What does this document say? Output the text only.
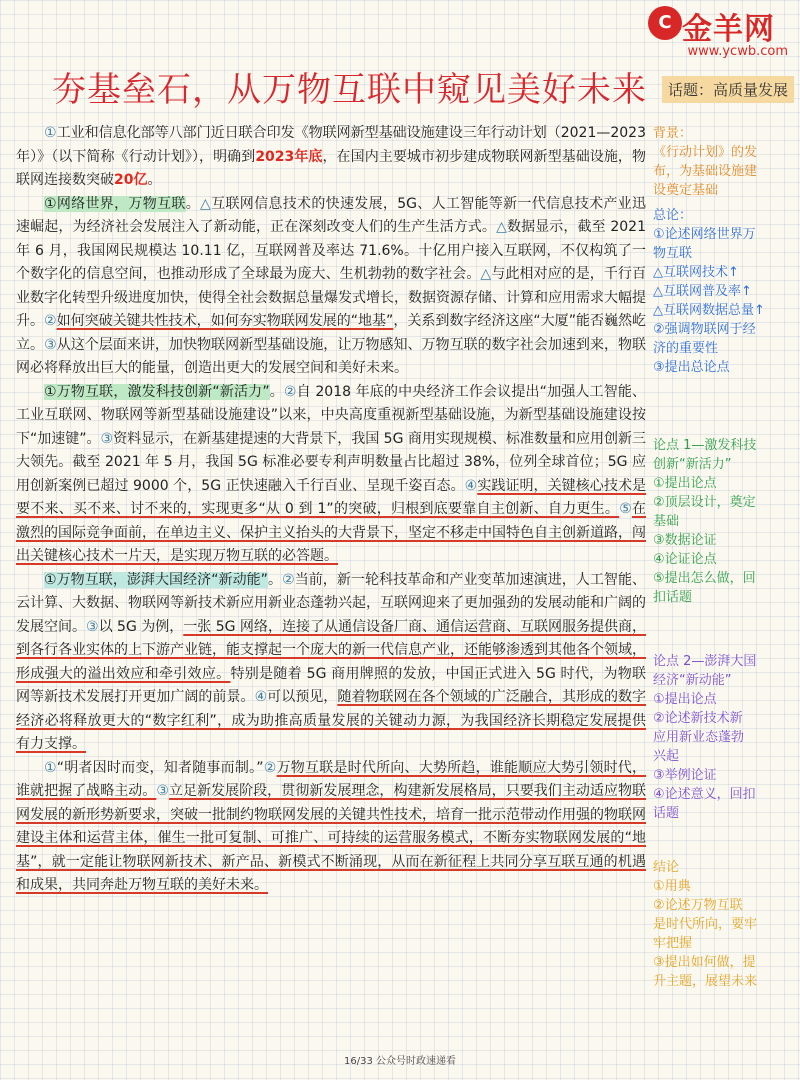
C 金羊网
www.ycwb.com
夯基垒石，从万物互联中窥见美好未来	话题：高质量发展

①工业和信息化部等八部门近日联合印发《物联网新型基础设施建设三年行动计划（2021—2023年）》（以下简称《行动计划》），明确到2023年底，在国内主要城市初步建成物联网新型基础设施，物联网连接数突破20亿。

①网络世界，万物互联。△互联网信息技术的快速发展，5G、人工智能等新一代信息技术产业迅速崛起，为经济社会发展注入了新动能，正在深刻改变人们的生产生活方式。△数据显示，截至 2021 年 6 月，我国网民规模达 10.11 亿，互联网普及率达 71.6%。十亿用户接入互联网，不仅构筑了一个数字化的信息空间，也推动形成了全球最为庞大、生机勃勃的数字社会。△与此相对应的是，千行百业数字化转型升级进度加快，使得全社会数据总量爆发式增长，数据资源存储、计算和应用需求大幅提升。②如何突破关键共性技术，如何夯实物联网发展的“地基”，关系到数字经济这座“大厦”能否巍然屹立。③从这个层面来讲，加快物联网新型基础设施，让万物感知、万物互联的数字社会加速到来，物联网必将释放出巨大的能量，创造出更大的发展空间和美好未来。

①万物互联，激发科技创新“新活力”。②自 2018 年底的中央经济工作会议提出“加强人工智能、工业互联网、物联网等新型基础设施建设”以来，中央高度重视新型基础设施，为新型基础设施建设按下“加速键”。③资料显示，在新基建提速的大背景下，我国 5G 商用实现规模、标准数量和应用创新三大领先。截至 2021 年 5 月，我国 5G 标准必要专利声明数量占比超过 38%，位列全球首位；5G 应用创新案例已超过 9000 个，5G 正快速融入千行百业、呈现千姿百态。④实践证明，关键核心技术是要不来、买不来、讨不来的，实现更多“从 0 到 1”的突破，归根到底要靠自主创新、自力更生。⑤在激烈的国际竞争面前，在单边主义、保护主义抬头的大背景下，坚定不移走中国特色自主创新道路，闯出关键核心技术一片天，是实现万物互联的必答题。

①万物互联，澎湃大国经济“新动能”。②当前，新一轮科技革命和产业变革加速演进，人工智能、云计算、大数据、物联网等新技术新应用新业态蓬勃兴起，互联网迎来了更加强劲的发展动能和广阔的发展空间。③以 5G 为例，一张 5G 网络，连接了从通信设备厂商、通信运营商、互联网服务提供商，到各行各业实体的上下游产业链，能支撑起一个庞大的新一代信息产业，还能够渗透到其他各个领域，形成强大的溢出效应和牵引效应。特别是随着 5G 商用牌照的发放，中国正式进入 5G 时代，为物联网等新技术发展打开更加广阔的前景。④可以预见，随着物联网在各个领域的广泛融合，其形成的数字经济必将释放更大的“数字红利”，成为助推高质量发展的关键动力源，为我国经济长期稳定发展提供有力支撑。

①“明者因时而变，知者随事而制。”②万物互联是时代所向、大势所趋，谁能顺应大势引领时代，谁就把握了战略主动。③立足新发展阶段，贯彻新发展理念，构建新发展格局，只要我们主动适应物联网发展的新形势新要求，突破一批制约物联网发展的关键共性技术，培育一批示范带动作用强的物联网建设主体和运营主体，催生一批可复制、可推广、可持续的运营服务模式，不断夯实物联网发展的“地基”，就一定能让物联网新技术、新产品、新模式不断涌现，从而在新征程上共同分享互联互通的机遇和成果，共同奔赴万物互联的美好未来。

背景：
《行动计划》的发
布，为基础设施建
设奠定基础
总论：
①论述网络世界万
物互联
△互联网技术↑
△互联网普及率↑
△互联网数据总量↑
②强调物联网于经
济的重要性
③提出总论点
论点 1—激发科技
创新“新活力”
①提出论点
②顶层设计，奠定
基础
③数据论证
④论证论点
⑤提出怎么做，回
扣话题
论点 2—澎湃大国
经济“新动能”
①提出论点
②论述新技术新
应用新业态蓬勃
兴起
③举例论证
④论述意义，回扣
话题
结论
①用典
②论述万物互联
是时代所向，要牢
牢把握
③提出如何做，提
升主题，展望未来
16/33 公众号时政速递看
